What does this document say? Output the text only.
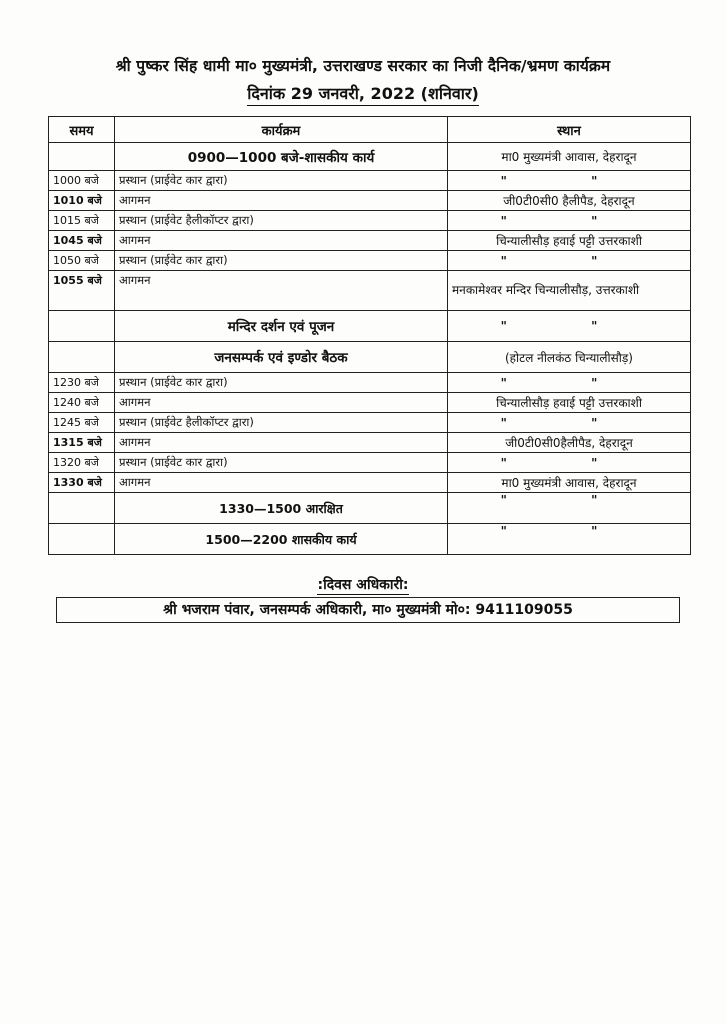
श्री पुष्कर सिंह धामी मा० मुख्यमंत्री, उत्तराखण्ड सरकार का निजी दैनिक/भ्रमण कार्यक्रम
दिनांक 29 जनवरी, 2022 (शनिवार)
समय	कार्यक्रम	स्थान
	0900—1000 बजे-शासकीय कार्य	मा0 मुख्यमंत्री आवास, देहरादून
1000 बजे	प्रस्थान (प्राईवेट कार द्वारा)	" "
1010 बजे	आगमन	जी0टी0सी0 हैलीपैड, देहरादून
1015 बजे	प्रस्थान (प्राईवेट हैलीकॉप्टर द्वारा)	" "
1045 बजे	आगमन	चिन्यालीसौड़ हवाई पट्टी उत्तरकाशी
1050 बजे	प्रस्थान (प्राईवेट कार द्वारा)	" "
1055 बजे	आगमन	मनकामेश्वर मन्दिर चिन्यालीसौड़, उत्तरकाशी
	मन्दिर दर्शन एवं पूजन	" "
	जनसम्पर्क एवं इण्डोर बैठक	(होटल नीलकंठ चिन्यालीसौड़)
1230 बजे	प्रस्थान (प्राईवेट कार द्वारा)	" "
1240 बजे	आगमन	चिन्यालीसौड़ हवाई पट्टी उत्तरकाशी
1245 बजे	प्रस्थान (प्राईवेट हैलीकॉप्टर द्वारा)	" "
1315 बजे	आगमन	जी0टी0सी0हैलीपैड, देहरादून
1320 बजे	प्रस्थान (प्राईवेट कार द्वारा)	" "
1330 बजे	आगमन	मा0 मुख्यमंत्री आवास, देहरादून
	1330—1500 आरक्षित	" "
	1500—2200 शासकीय कार्य	" "
:दिवस अधिकारी:
श्री भजराम पंवार, जनसम्पर्क अधिकारी, मा० मुख्यमंत्री मो०: 9411109055
